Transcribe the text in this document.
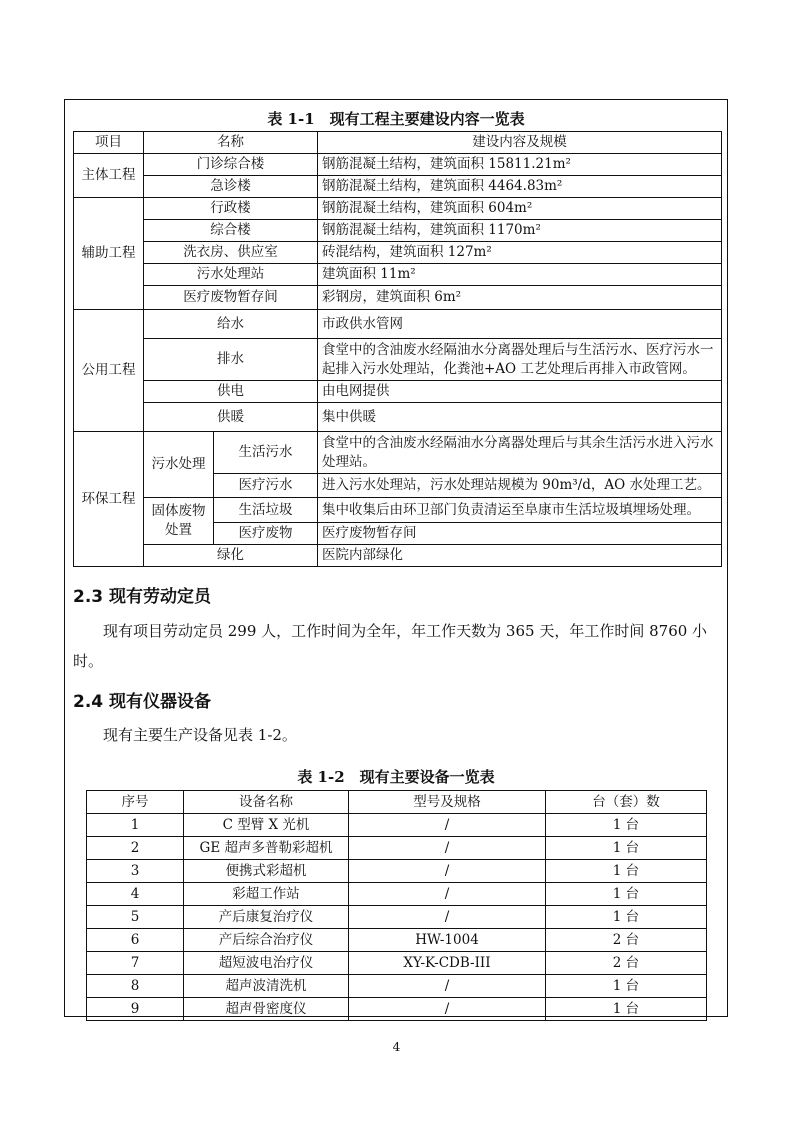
表 1-1　现有工程主要建设内容一览表
项目	名称		建设内容及规模
主体工程	门诊综合楼		钢筋混凝土结构，建筑面积 15811.21m²
	急诊楼		钢筋混凝土结构，建筑面积 4464.83m²
辅助工程	行政楼		钢筋混凝土结构，建筑面积 604m²
	综合楼		钢筋混凝土结构，建筑面积 1170m²
	洗衣房、供应室		砖混结构，建筑面积 127m²
	污水处理站		建筑面积 11m²
	医疗废物暂存间		彩钢房，建筑面积 6m²
公用工程	给水		市政供水管网
	排水		食堂中的含油废水经隔油水分离器处理后与生活污水、医疗污水一起排入污水处理站，化粪池+AO 工艺处理后再排入市政管网。
	供电		由电网提供
	供暖		集中供暖
环保工程	污水处理	生活污水	食堂中的含油废水经隔油水分离器处理后与其余生活污水进入污水处理站。
		医疗污水	进入污水处理站，污水处理站规模为 90m³/d，AO 水处理工艺。
	固体废物处置	生活垃圾	集中收集后由环卫部门负责清运至阜康市生活垃圾填埋场处理。
		医疗废物	医疗废物暂存间
	绿化		医院内部绿化
2.3 现有劳动定员
现有项目劳动定员 299 人，工作时间为全年，年工作天数为 365 天，年工作时间 8760 小时。
2.4 现有仪器设备
现有主要生产设备见表 1-2。
表 1-2　现有主要设备一览表
序号	设备名称	型号及规格	台（套）数
1	C 型臂 X 光机	/	1 台
2	GE 超声多普勒彩超机	/	1 台
3	便携式彩超机	/	1 台
4	彩超工作站	/	1 台
5	产后康复治疗仪	/	1 台
6	产后综合治疗仪	HW-1004	2 台
7	超短波电治疗仪	XY-K-CDB-III	2 台
8	超声波清洗机	/	1 台
9	超声骨密度仪	/	1 台
4
